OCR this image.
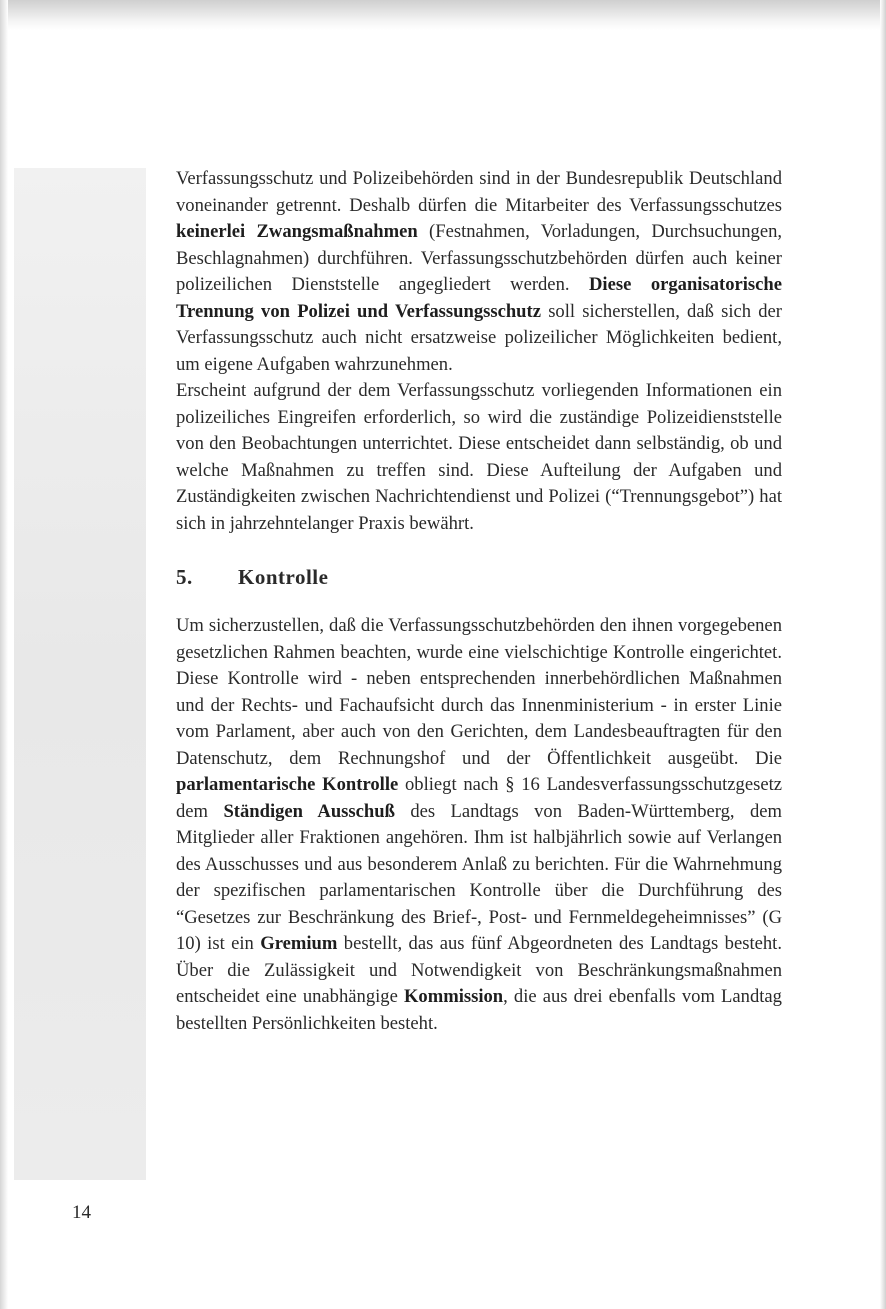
Verfassungsschutz und Polizeibehörden sind in der Bundesrepublik Deutschland voneinander getrennt. Deshalb dürfen die Mitarbeiter des Verfassungsschutzes keinerlei Zwangsmaßnahmen (Festnahmen, Vorladungen, Durchsuchungen, Beschlagnahmen) durchführen. Verfassungsschutzbehörden dürfen auch keiner polizeilichen Dienststelle angegliedert werden. Diese organisatorische Trennung von Polizei und Verfassungsschutz soll sicherstellen, daß sich der Verfassungsschutz auch nicht ersatzweise polizeilicher Möglichkeiten bedient, um eigene Aufgaben wahrzunehmen.

Erscheint aufgrund der dem Verfassungsschutz vorliegenden Informationen ein polizeiliches Eingreifen erforderlich, so wird die zuständige Polizeidienststelle von den Beobachtungen unterrichtet. Diese entscheidet dann selbständig, ob und welche Maßnahmen zu treffen sind. Diese Aufteilung der Aufgaben und Zuständigkeiten zwischen Nachrichtendienst und Polizei (“Trennungsgebot”) hat sich in jahrzehntelanger Praxis bewährt.

5. Kontrolle

Um sicherzustellen, daß die Verfassungsschutzbehörden den ihnen vorgegebenen gesetzlichen Rahmen beachten, wurde eine vielschichtige Kontrolle eingerichtet. Diese Kontrolle wird - neben entsprechenden innerbehördlichen Maßnahmen und der Rechts- und Fachaufsicht durch das Innenministerium - in erster Linie vom Parlament, aber auch von den Gerichten, dem Landesbeauftragten für den Datenschutz, dem Rechnungshof und der Öffentlichkeit ausgeübt. Die parlamentarische Kontrolle obliegt nach § 16 Landesverfassungsschutzgesetz dem Ständigen Ausschuß des Landtags von Baden-Württemberg, dem Mitglieder aller Fraktionen angehören. Ihm ist halbjährlich sowie auf Verlangen des Ausschusses und aus besonderem Anlaß zu berichten. Für die Wahrnehmung der spezifischen parlamentarischen Kontrolle über die Durchführung des “Gesetzes zur Beschränkung des Brief-, Post- und Fernmeldegeheimnisses” (G 10) ist ein Gremium bestellt, das aus fünf Abgeordneten des Landtags besteht. Über die Zulässigkeit und Notwendigkeit von Beschränkungsmaßnahmen entscheidet eine unabhängige Kommission, die aus drei ebenfalls vom Landtag bestellten Persönlichkeiten besteht.

14
